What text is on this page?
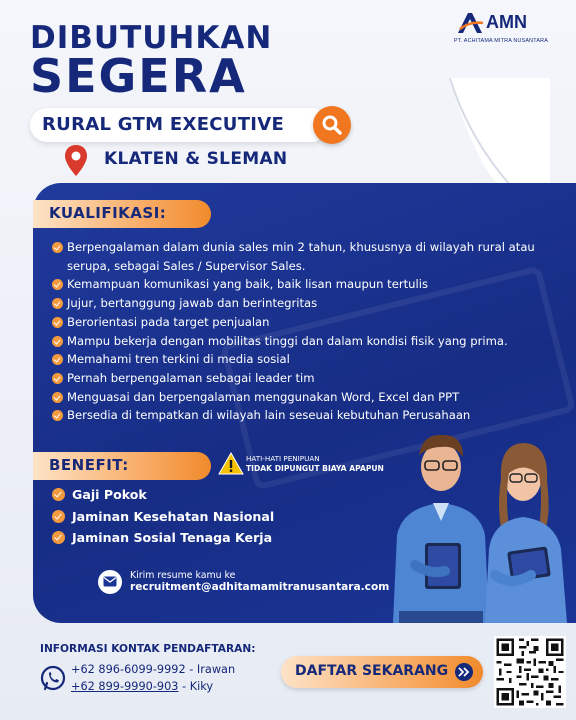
DIBUTUHKAN
SEGERA
AMN
PT. ACHITAMA MITRA NUSANTARA
RURAL GTM EXECUTIVE
KLATEN & SLEMAN
KUALIFIKASI:
Berpengalaman dalam dunia sales min 2 tahun, khususnya di wilayah rural atau serupa, sebagai Sales / Supervisor Sales.
Kemampuan komunikasi yang baik, baik lisan maupun tertulis
Jujur, bertanggung jawab dan berintegritas
Berorientasi pada target penjualan
Mampu bekerja dengan mobilitas tinggi dan dalam kondisi fisik yang prima.
Memahami tren terkini di media sosial
Pernah berpengalaman sebagai leader tim
Menguasai dan berpengalaman menggunakan Word, Excel dan PPT
Bersedia di tempatkan di wilayah lain seseuai kebutuhan Perusahaan
BENEFIT:	HATI-HATI PENIPUAN
TIDAK DIPUNGUT BIAYA APAPUN
Gaji Pokok
Jaminan Kesehatan Nasional
Jaminan Sosial Tenaga Kerja
Kirim resume kamu ke
recruitment@adhitamamitranusantara.com
INFORMASI KONTAK PENDAFTARAN:
+62 896-6099-9992 - Irawan
+62 899-9990-903 - Kiky
DAFTAR SEKARANG
